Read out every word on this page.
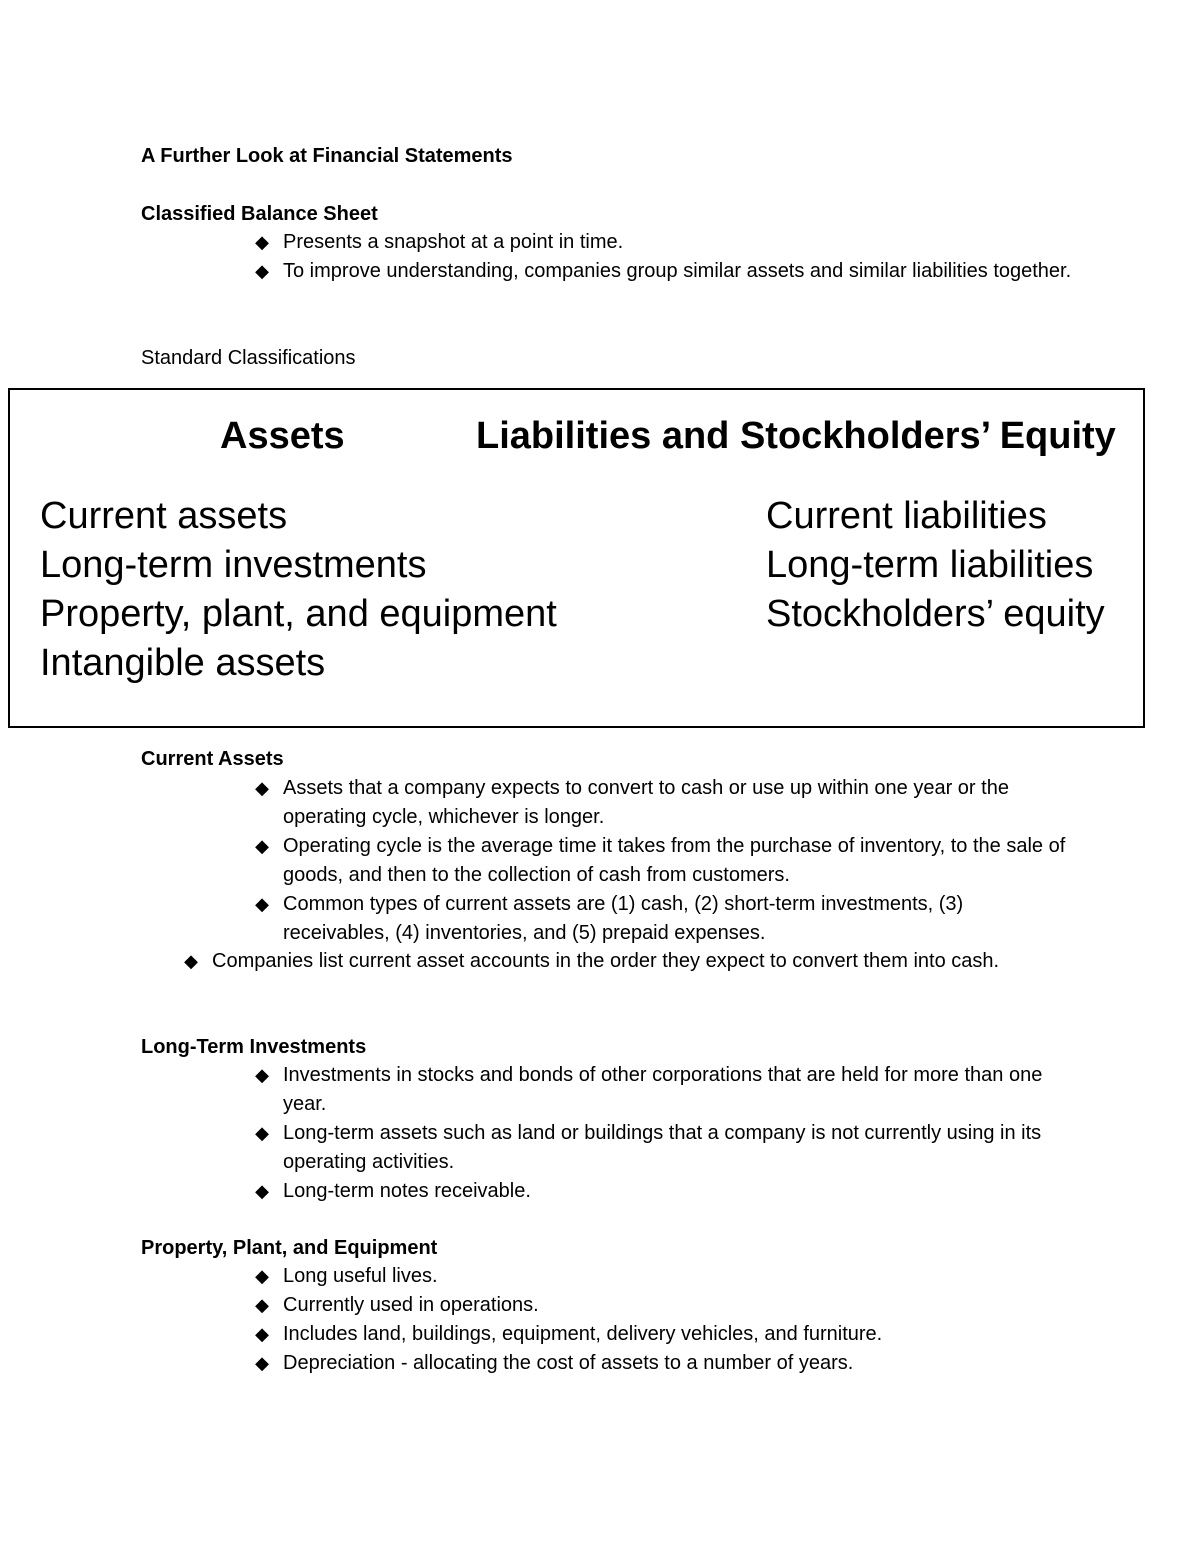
A Further Look at Financial Statements
Classified Balance Sheet
◆ Presents a snapshot at a point in time.
◆ To improve understanding, companies group similar assets and similar liabilities together.
Standard Classifications
Assets	Liabilities and Stockholders’ Equity
Current assets
Long-term investments
Property, plant, and equipment
Intangible assets
Current liabilities
Long-term liabilities
Stockholders’ equity
Current Assets
◆ Assets that a company expects to convert to cash or use up within one year or the operating cycle, whichever is longer.
◆ Operating cycle is the average time it takes from the purchase of inventory, to the sale of goods, and then to the collection of cash from customers.
◆ Common types of current assets are (1) cash, (2) short-term investments, (3) receivables, (4) inventories, and (5) prepaid expenses.
◆ Companies list current asset accounts in the order they expect to convert them into cash.
Long-Term Investments
◆ Investments in stocks and bonds of other corporations that are held for more than one year.
◆ Long-term assets such as land or buildings that a company is not currently using in its operating activities.
◆ Long-term notes receivable.
Property, Plant, and Equipment
◆ Long useful lives.
◆ Currently used in operations.
◆ Includes land, buildings, equipment, delivery vehicles, and furniture.
◆ Depreciation - allocating the cost of assets to a number of years.
